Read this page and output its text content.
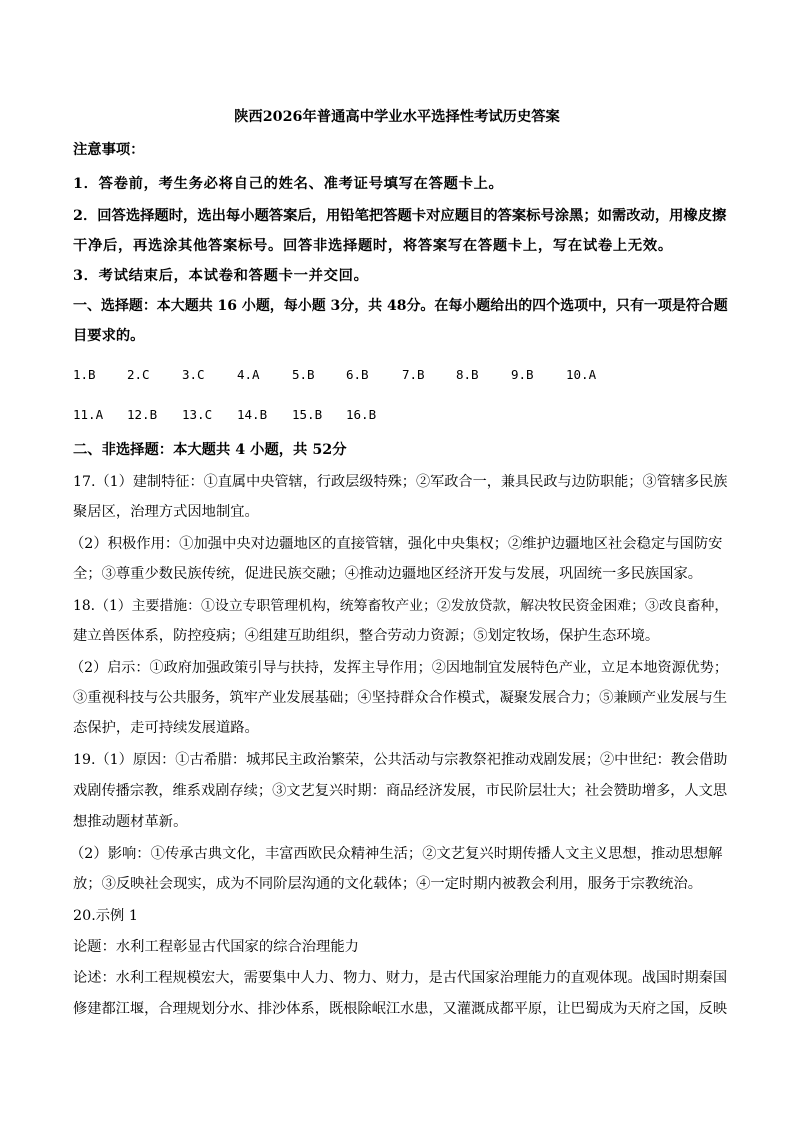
陕西2026年普通高中学业水平选择性考试历史答案
注意事项：
1．答卷前，考生务必将自己的姓名、准考证号填写在答题卡上。
2．回答选择题时，选出每小题答案后，用铅笔把答题卡对应题目的答案标号涂黑；如需改动，用橡皮擦
干净后，再选涂其他答案标号。回答非选择题时，将答案写在答题卡上，写在试卷上无效。
3．考试结束后，本试卷和答题卡一并交回。
一、选择题：本大题共 16 小题，每小题 3分，共 48分。在每小题给出的四个选项中，只有一项是符合题
目要求的。
1.B	2.C	3.C	4.A	5.B	6.B	7.B	8.B	9.B	10.A
11.A 12.B 13.C 14.B 15.B 16.B
二、非选择题：本大题共 4 小题，共 52分
17.（1）建制特征：①直属中央管辖，行政层级特殊；②军政合一，兼具民政与边防职能；③管辖多民族
聚居区，治理方式因地制宜。
（2）积极作用：①加强中央对边疆地区的直接管辖，强化中央集权；②维护边疆地区社会稳定与国防安
全；③尊重少数民族传统，促进民族交融；④推动边疆地区经济开发与发展，巩固统一多民族国家。
18.（1）主要措施：①设立专职管理机构，统筹畜牧产业；②发放贷款，解决牧民资金困难；③改良畜种，
建立兽医体系，防控疫病；④组建互助组织，整合劳动力资源；⑤划定牧场，保护生态环境。
（2）启示：①政府加强政策引导与扶持，发挥主导作用；②因地制宜发展特色产业，立足本地资源优势；
③重视科技与公共服务，筑牢产业发展基础；④坚持群众合作模式，凝聚发展合力；⑤兼顾产业发展与生
态保护，走可持续发展道路。
19.（1）原因：①古希腊：城邦民主政治繁荣，公共活动与宗教祭祀推动戏剧发展；②中世纪：教会借助
戏剧传播宗教，维系戏剧存续；③文艺复兴时期：商品经济发展，市民阶层壮大；社会赞助增多，人文思
想推动题材革新。
（2）影响：①传承古典文化，丰富西欧民众精神生活；②文艺复兴时期传播人文主义思想，推动思想解
放；③反映社会现实，成为不同阶层沟通的文化载体；④一定时期内被教会利用，服务于宗教统治。
20.示例 1
论题：水利工程彰显古代国家的综合治理能力
论述：水利工程规模宏大，需要集中人力、物力、财力，是古代国家治理能力的直观体现。战国时期秦国
修建都江堰，合理规划分水、排沙体系，既根除岷江水患，又灌溉成都平原，让巴蜀成为天府之国，反映
